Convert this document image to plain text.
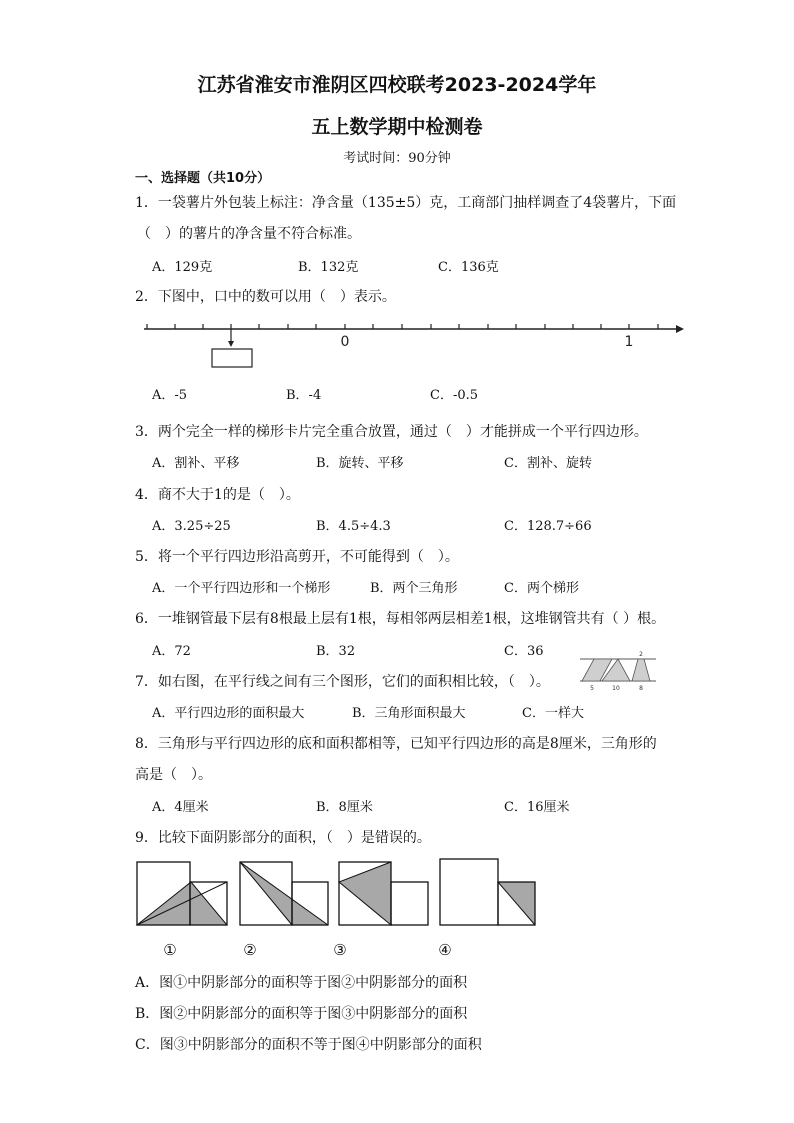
江苏省淮安市淮阴区四校联考2023-2024学年
五上数学期中检测卷
考试时间：90分钟
一、选择题（共10分）
1．一袋薯片外包装上标注：净含量（135±5）克，工商部门抽样调查了4袋薯片，下面
（　）的薯片的净含量不符合标准。
A．129克	B．132克	C．136克
2．下图中，口中的数可以用（　）表示。
0	1
A．-5	B．-4	C．-0.5
3．两个完全一样的梯形卡片完全重合放置，通过（　）才能拼成一个平行四边形。
A．割补、平移	B．旋转、平移	C．割补、旋转
4．商不大于1的是（　）。
A．3.25÷25	B．4.5÷4.3	C．128.7÷66
5．将一个平行四边形沿高剪开，不可能得到（　）。
A．一个平行四边形和一个梯形	B．两个三角形	C．两个梯形
6．一堆钢管最下层有8根最上层有1根，每相邻两层相差1根，这堆钢管共有（ ）根。
A．72	B．32	C．36
7．如右图，在平行线之间有三个图形，它们的面积相比较，（　）。
2
5	10	8
A．平行四边形的面积最大	B．三角形面积最大	C．一样大
8．三角形与平行四边形的底和面积都相等，已知平行四边形的高是8厘米，三角形的
高是（　）。
A．4厘米	B．8厘米	C．16厘米
9．比较下面阴影部分的面积，（　）是错误的。
①	②	③	④
A．图①中阴影部分的面积等于图②中阴影部分的面积
B．图②中阴影部分的面积等于图③中阴影部分的面积
C．图③中阴影部分的面积不等于图④中阴影部分的面积
